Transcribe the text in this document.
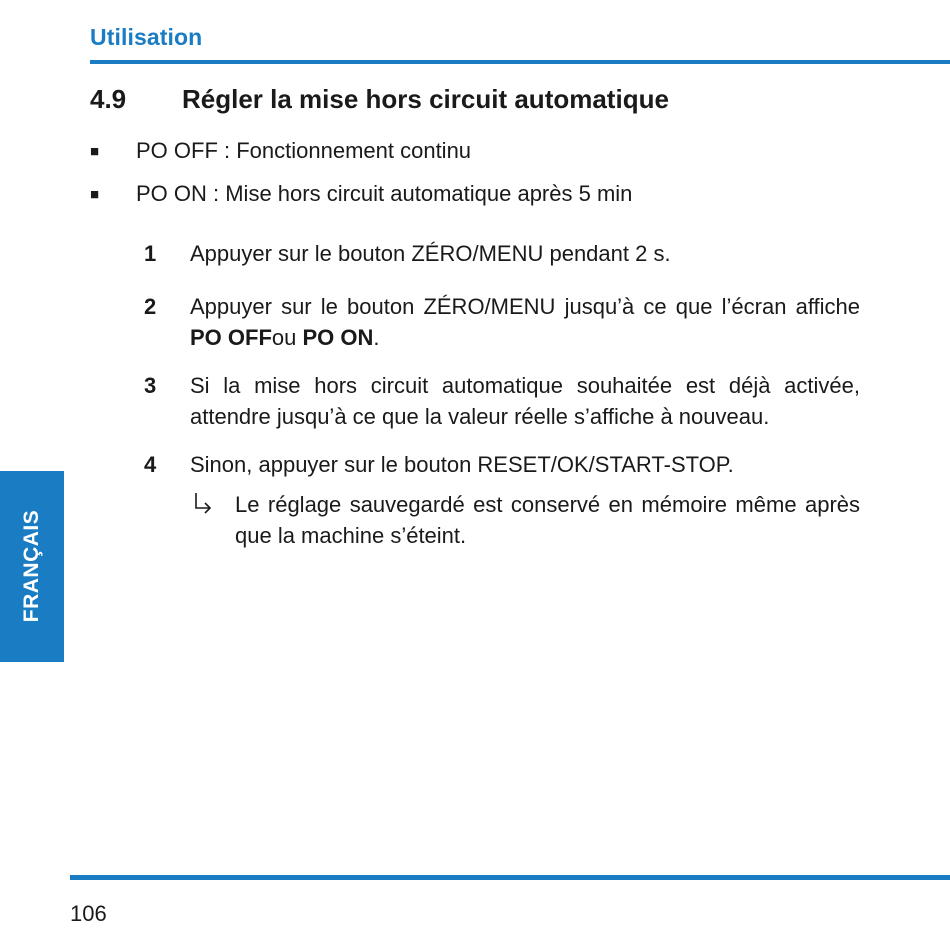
Utilisation
4.9 Régler la mise hors circuit automatique
■ PO OFF : Fonctionnement continu
■ PO ON : Mise hors circuit automatique après 5 min
1	Appuyer sur le bouton ZÉRO/MENU pendant 2 s.
2	Appuyer sur le bouton ZÉRO/MENU jusqu’à ce que l’écran affiche PO OFFou PO ON.
3	Si la mise hors circuit automatique souhaitée est déjà activée, attendre jusqu’à ce que la valeur réelle s’affiche à nouveau.
4	Sinon, appuyer sur le bouton RESET/OK/START-STOP.
Le réglage sauvegardé est conservé en mémoire même après que la machine s’éteint.
FRANÇAIS
106
